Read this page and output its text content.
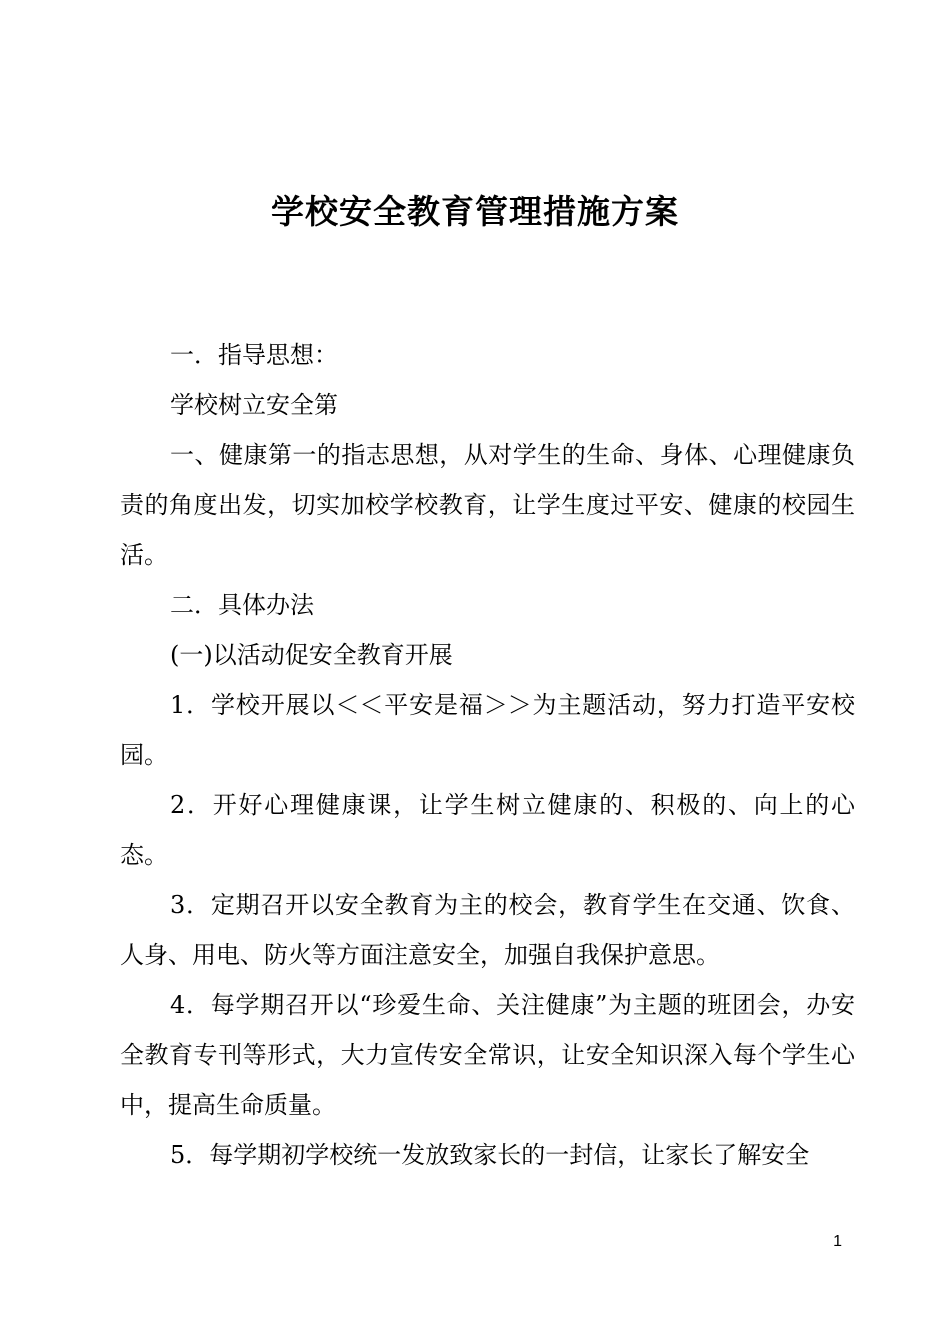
学校安全教育管理措施方案

一．指导思想：

学校树立安全第

一、健康第一的指志思想，从对学生的生命、身体、心理健康负责的角度出发，切实加校学校教育，让学生度过平安、健康的校园生活。

二．具体办法

(一)以活动促安全教育开展

1．学校开展以＜＜平安是福＞＞为主题活动，努力打造平安校园。

2．开好心理健康课，让学生树立健康的、积极的、向上的心态。

3．定期召开以安全教育为主的校会，教育学生在交通、饮食、人身、用电、防火等方面注意安全，加强自我保护意思。

4．每学期召开以“珍爱生命、关注健康”为主题的班团会，办安全教育专刊等形式，大力宣传安全常识，让安全知识深入每个学生心中，提高生命质量。

5．每学期初学校统一发放致家长的一封信，让家长了解安全

1
